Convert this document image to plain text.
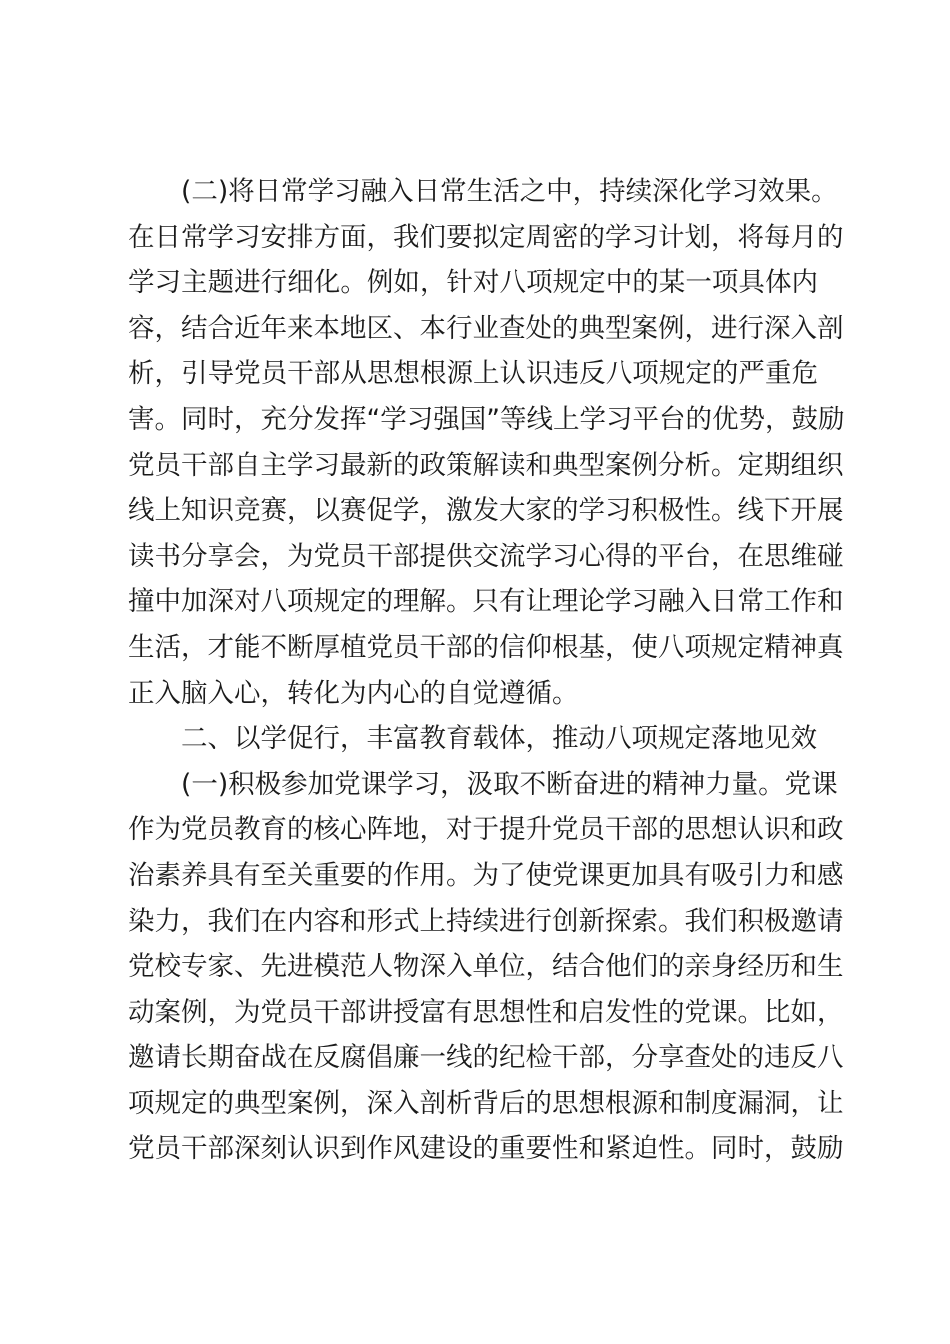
(二)将日常学习融入日常生活之中，持续深化学习效果。
在日常学习安排方面，我们要拟定周密的学习计划，将每月的
学习主题进行细化。例如，针对八项规定中的某一项具体内
容，结合近年来本地区、本行业查处的典型案例，进行深入剖
析，引导党员干部从思想根源上认识违反八项规定的严重危
害。同时，充分发挥“学习强国”等线上学习平台的优势，鼓励
党员干部自主学习最新的政策解读和典型案例分析。定期组织
线上知识竞赛，以赛促学，激发大家的学习积极性。线下开展
读书分享会，为党员干部提供交流学习心得的平台，在思维碰
撞中加深对八项规定的理解。只有让理论学习融入日常工作和
生活，才能不断厚植党员干部的信仰根基，使八项规定精神真
正入脑入心，转化为内心的自觉遵循。
二、以学促行，丰富教育载体，推动八项规定落地见效
(一)积极参加党课学习，汲取不断奋进的精神力量。党课
作为党员教育的核心阵地，对于提升党员干部的思想认识和政
治素养具有至关重要的作用。为了使党课更加具有吸引力和感
染力，我们在内容和形式上持续进行创新探索。我们积极邀请
党校专家、先进模范人物深入单位，结合他们的亲身经历和生
动案例，为党员干部讲授富有思想性和启发性的党课。比如，
邀请长期奋战在反腐倡廉一线的纪检干部，分享查处的违反八
项规定的典型案例，深入剖析背后的思想根源和制度漏洞，让
党员干部深刻认识到作风建设的重要性和紧迫性。同时，鼓励
